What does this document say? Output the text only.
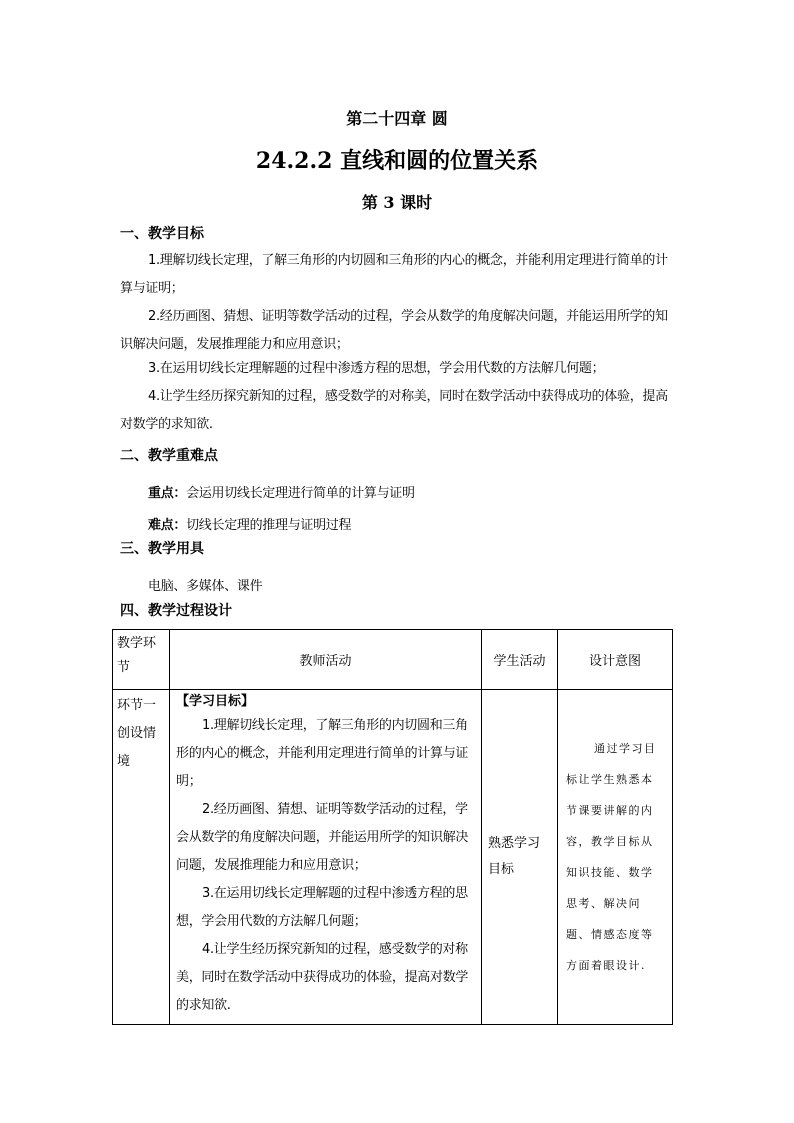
第二十四章 圆
24.2.2 直线和圆的位置关系
第 3 课时
一、教学目标
1.理解切线长定理，了解三角形的内切圆和三角形的内心的概念，并能利用定理进行简单的计算与证明；
2.经历画图、猜想、证明等数学活动的过程，学会从数学的角度解决问题，并能运用所学的知识解决问题，发展推理能力和应用意识；
3.在运用切线长定理解题的过程中渗透方程的思想，学会用代数的方法解几何题；
4.让学生经历探究新知的过程，感受数学的对称美，同时在数学活动中获得成功的体验，提高对数学的求知欲.
二、教学重难点
重点：会运用切线长定理进行简单的计算与证明
难点：切线长定理的推理与证明过程
三、教学用具
电脑、多媒体、课件
四、教学过程设计
教学环节	教师活动	学生活动	设计意图
环节一创设情境	【学习目标】
1.理解切线长定理，了解三角形的内切圆和三角形的内心的概念，并能利用定理进行简单的计算与证明；
2.经历画图、猜想、证明等数学活动的过程，学会从数学的角度解决问题，并能运用所学的知识解决问题，发展推理能力和应用意识；
3.在运用切线长定理解题的过程中渗透方程的思想，学会用代数的方法解几何题；
4.让学生经历探究新知的过程，感受数学的对称美，同时在数学活动中获得成功的体验，提高对数学的求知欲.	熟悉学习目标	通过学习目标让学生熟悉本节课要讲解的内容，教学目标从知识技能、数学思考、解决问题、情感态度等方面着眼设计.
